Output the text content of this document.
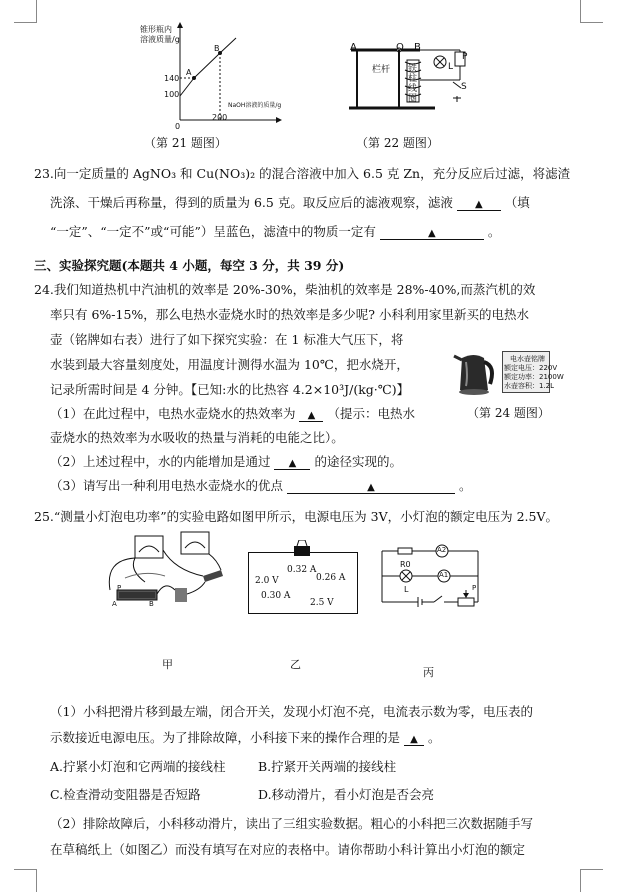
锥形瓶内
溶液质量/g
A
B
140
100
0
200
NaOH溶液的质量/g
（第 21 题图）
A	O B
P
L
S
栏杆 铁柱线圈
（第 22 题图）
23.向一定质量的 AgNO₃ 和 Cu(NO₃)₂ 的混合溶液中加入 6.5 克 Zn，充分反应后过滤，将滤渣
洗涤、干燥后再称量，得到的质量为 6.5 克。取反应后的滤液观察，滤液 ▲ （填
“一定”、“一定不”或“可能”）呈蓝色，滤渣中的物质一定有	▲	。
三、实验探究题(本题共 4 小题，每空 3 分，共 39 分)
24.我们知道热机中汽油机的效率是 20%-30%，柴油机的效率是 28%-40%,而蒸汽机的效
率只有 6%-15%，那么电热水壶烧水时的热效率是多少呢? 小科利用家里新买的电热水
壶（铭牌如右表）进行了如下探究实验：在 1 标准大气压下，将
水装到最大容量刻度处，用温度计测得水温为 10℃，把水烧开，
记录所需时间是 4 分钟。【已知:水的比热容 4.2×10³J/(kg·℃)】
电水壶铭牌
额定电压：220V
额定功率：2100W
水壶容积：1.2L
（第 24 题图）
（1）在此过程中，电热水壶烧水的热效率为 ▲ （提示：电热水
壶烧水的热效率为水吸收的热量与消耗的电能之比）。
（2）上述过程中，水的内能增加是通过 ▲ 的途径实现的。
（3）请写出一种利用电热水壶烧水的优点	▲	。
25.“测量小灯泡电功率”的实验电路如图甲所示，电源电压为 3V，小灯泡的额定电压为 2.5V。
0.32 A
0.26 A
2.0 V
0.30 A
2.5 V
R0
A2
A1
L	P
P
A	B
甲	乙
丙
（1）小科把滑片移到最左端，闭合开关，发现小灯泡不亮，电流表示数为零，电压表的
示数接近电源电压。为了排除故障，小科接下来的操作合理的是 ▲ 。
A.拧紧小灯泡和它两端的接线柱	B.拧紧开关两端的接线柱
C.检查滑动变阻器是否短路	D.移动滑片，看小灯泡是否会亮
（2）排除故障后，小科移动滑片，读出了三组实验数据。粗心的小科把三次数据随手写
在草稿纸上（如图乙）而没有填写在对应的表格中。请你帮助小科计算出小灯泡的额定
